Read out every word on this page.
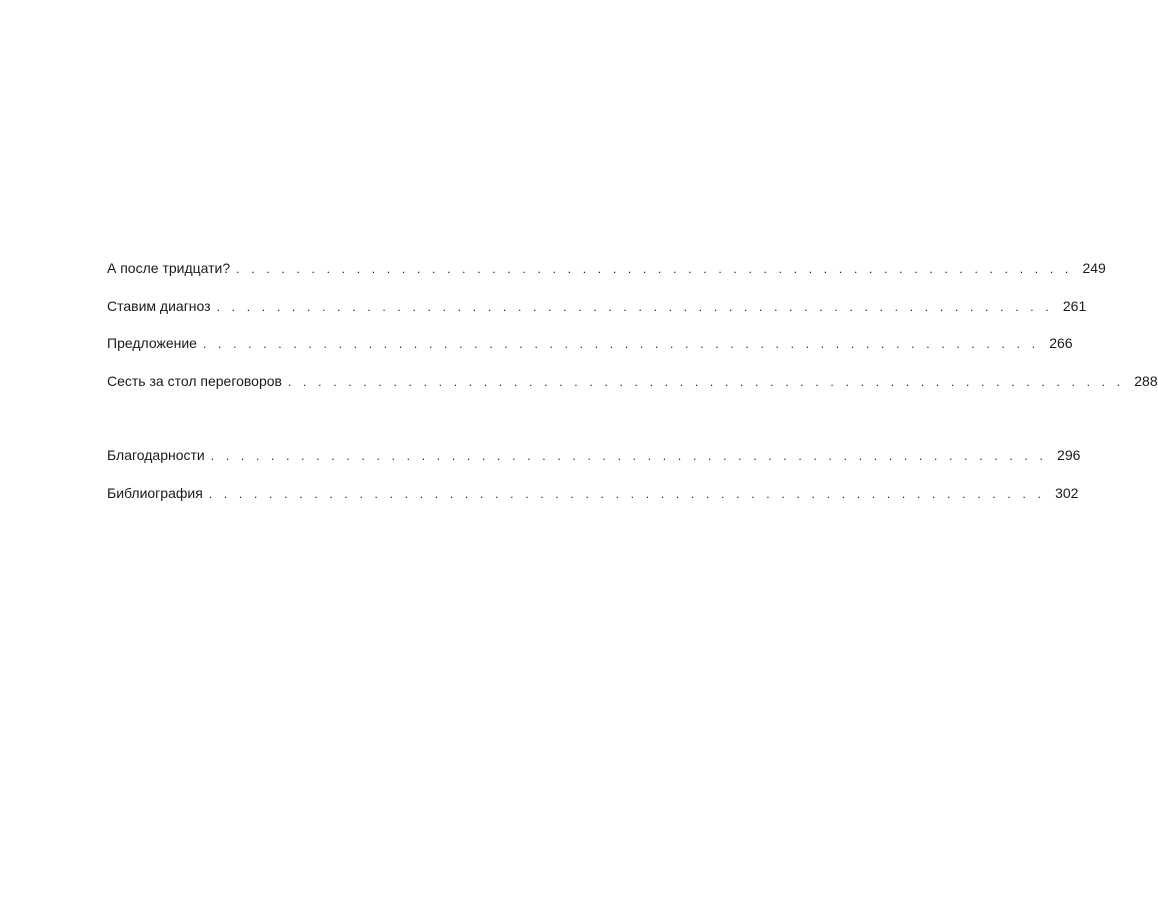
А после тридцати? . . . . . . . . . . . . . . . . . . . . . . . . . . . . . . . . . . . . . . . . . . . . . . . . . . . . . . . . 249
Ставим диагноз . . . . . . . . . . . . . . . . . . . . . . . . . . . . . . . . . . . . . . . . . . . . . . . . . . . . . . . . 261
Предложение . . . . . . . . . . . . . . . . . . . . . . . . . . . . . . . . . . . . . . . . . . . . . . . . . . . . . . . . 266
Сесть за стол переговоров . . . . . . . . . . . . . . . . . . . . . . . . . . . . . . . . . . . . . . . . . . . . . . . . . . . . . . . . 288
Благодарности . . . . . . . . . . . . . . . . . . . . . . . . . . . . . . . . . . . . . . . . . . . . . . . . . . . . . . . . 296
Библиография . . . . . . . . . . . . . . . . . . . . . . . . . . . . . . . . . . . . . . . . . . . . . . . . . . . . . . . . 302
